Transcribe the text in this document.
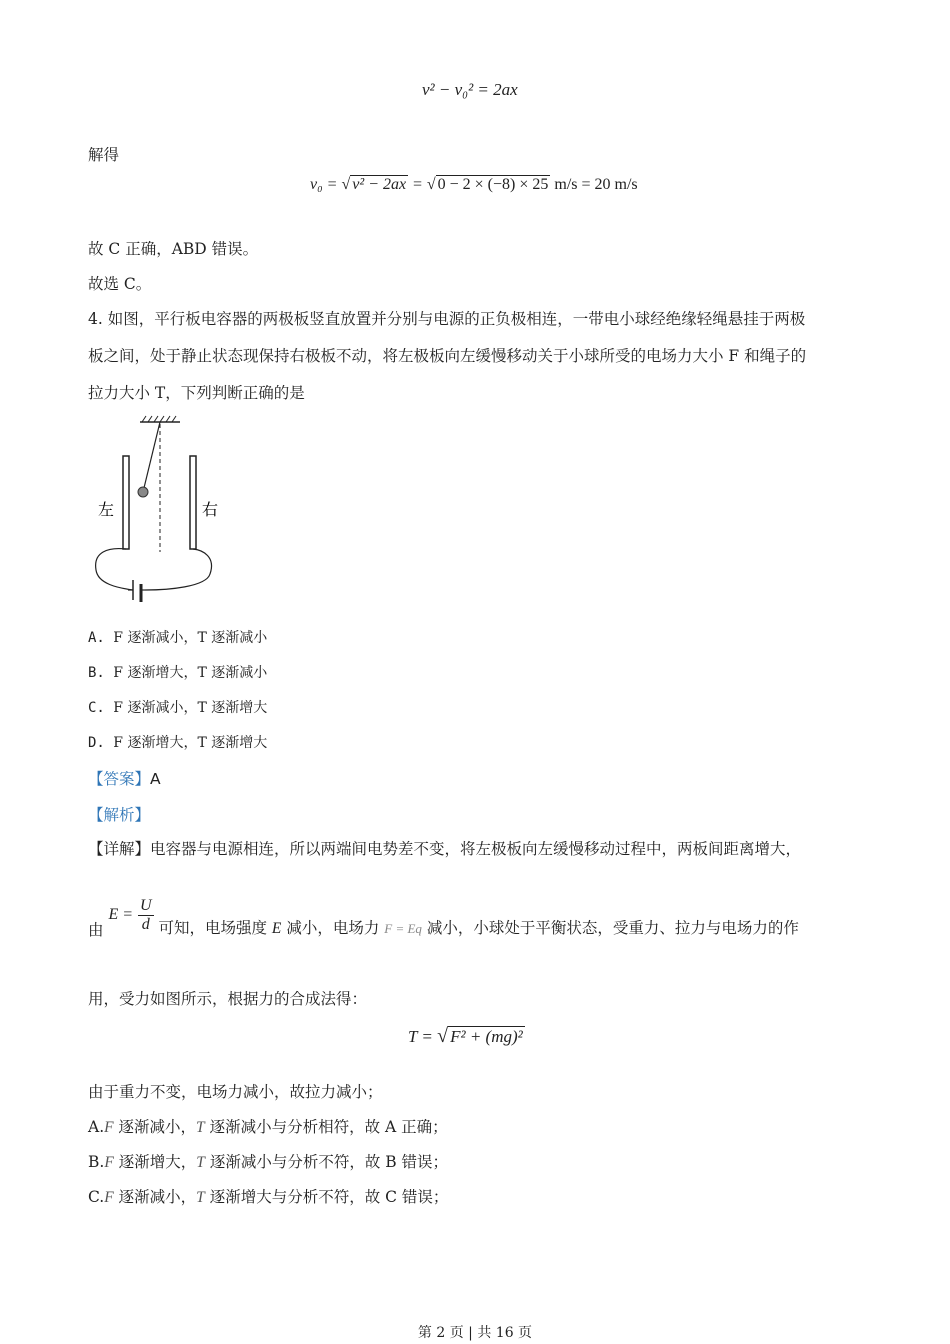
v² − v₀² = 2ax
解得
v₀ = √ v² − 2ax = √ 0 − 2 × (−8) × 25 m/s = 20 m/s
故 C 正确，ABD 错误。
故选 C。
4. 如图，平行板电容器的两极板竖直放置并分别与电源的正负极相连，一带电小球经绝缘轻绳悬挂于两极
板之间，处于静止状态现保持右极板不动，将左极板向左缓慢移动关于小球所受的电场力大小 F 和绳子的
拉力大小 T，下列判断正确的是
左	右
A. F 逐渐减小，T 逐渐减小
B. F 逐渐增大，T 逐渐减小
C. F 逐渐减小，T 逐渐增大
D. F 逐渐增大，T 逐渐增大
【答案】A
【解析】
【详解】电容器与电源相连，所以两端间电势差不变，将左极板向左缓慢移动过程中，两板间距离增大，
由 $E = \frac{U}{d}$ 可知，电场强度 E 减小，电场力 $_{F = Eq}$ 减小，小球处于平衡状态，受重力、拉力与电场力的作
用，受力如图所示，根据力的合成法得：
T = √ F² + (mg)²
由于重力不变，电场力减小，故拉力减小；
A.F 逐渐减小，T 逐渐减小与分析相符，故 A 正确；
B.F 逐渐增大，T 逐渐减小与分析不符，故 B 错误；
C.F 逐渐减小，T 逐渐增大与分析不符，故 C 错误；
第 2 页 | 共 16 页
